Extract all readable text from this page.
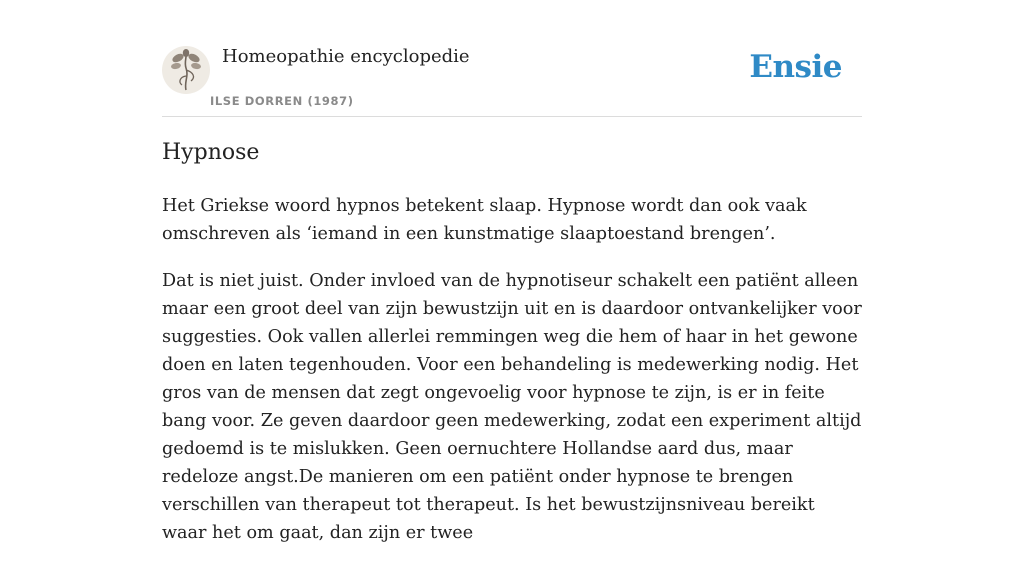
Homeopathie encyclopedie
ILSE DORREN (1987)
Ensie
Hypnose

Het Griekse woord hypnos betekent slaap. Hypnose wordt dan ook vaak omschreven als ‘iemand in een kunstmatige slaaptoestand brengen’.

Dat is niet juist. Onder invloed van de hypnotiseur schakelt een patiënt alleen maar een groot deel van zijn bewustzijn uit en is daardoor ontvankelijker voor suggesties. Ook vallen allerlei remmingen weg die hem of haar in het gewone doen en laten tegenhouden. Voor een behandeling is medewerking nodig. Het gros van de mensen dat zegt ongevoelig voor hypnose te zijn, is er in feite bang voor. Ze geven daardoor geen medewerking, zodat een experiment altijd gedoemd is te mislukken. Geen oernuchtere Hollandse aard dus, maar redeloze angst.De manieren om een patiënt onder hypnose te brengen verschillen van therapeut tot therapeut. Is het bewustzijnsniveau bereikt waar het om gaat, dan zijn er twee
